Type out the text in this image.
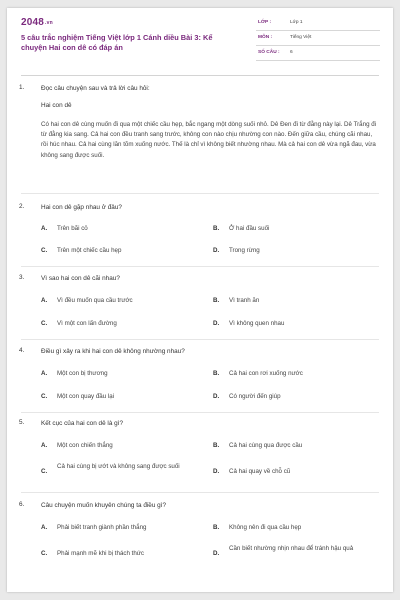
2048.vn
5 câu trắc nghiệm Tiếng Việt lớp 1 Cánh diều Bài 3: Kể chuyện Hai con dê có đáp án
LỚP :	Lớp 1
MÔN :	Tiếng Việt
SỐ CÂU : 6
1.	Đọc câu chuyện sau và trả lời câu hỏi:
Hai con dê
Có hai con dê cùng muốn đi qua một chiếc cầu hẹp, bắc ngang một dòng suối nhỏ. Dê Đen đi từ đằng này lại. Dê Trắng đi từ đằng kia sang. Cả hai con đều tranh sang trước, không con nào chịu nhường con nào. Đến giữa cầu, chúng cãi nhau, rồi húc nhau. Cả hai cùng lăn tõm xuống nước. Thế là chỉ vì không biết nhường nhau. Mà cả hai con dê vừa ngã đau, vừa không sang được suối.
2.	Hai con dê gặp nhau ở đâu?
A. Trên bãi cỏ	B. Ở hai đầu suối
C. Trên một chiếc cầu hẹp	D. Trong rừng
3.	Vì sao hai con dê cãi nhau?
A. Vì đều muốn qua cầu trước	B. Vì tranh ăn
C. Vì một con lấn đường	D. Vì không quen nhau
4.	Điều gì xảy ra khi hai con dê không nhường nhau?
A. Một con bị thương	B. Cả hai con rơi xuống nước
C. Một con quay đầu lại	D. Có người đến giúp
5.	Kết cục của hai con dê là gì?
A. Một con chiến thắng	B. Cả hai cùng qua được cầu
C.
Cả hai cùng bị ướt và không sang được suối
D. Cả hai quay về chỗ cũ
6.	Câu chuyện muốn khuyên chúng ta điều gì?
A. Phải biết tranh giành phần thắng	B. Không nên đi qua cầu hẹp
C. Phải mạnh mẽ khi bị thách thức	D.
Cần biết nhường nhịn nhau để tránh hậu quả
